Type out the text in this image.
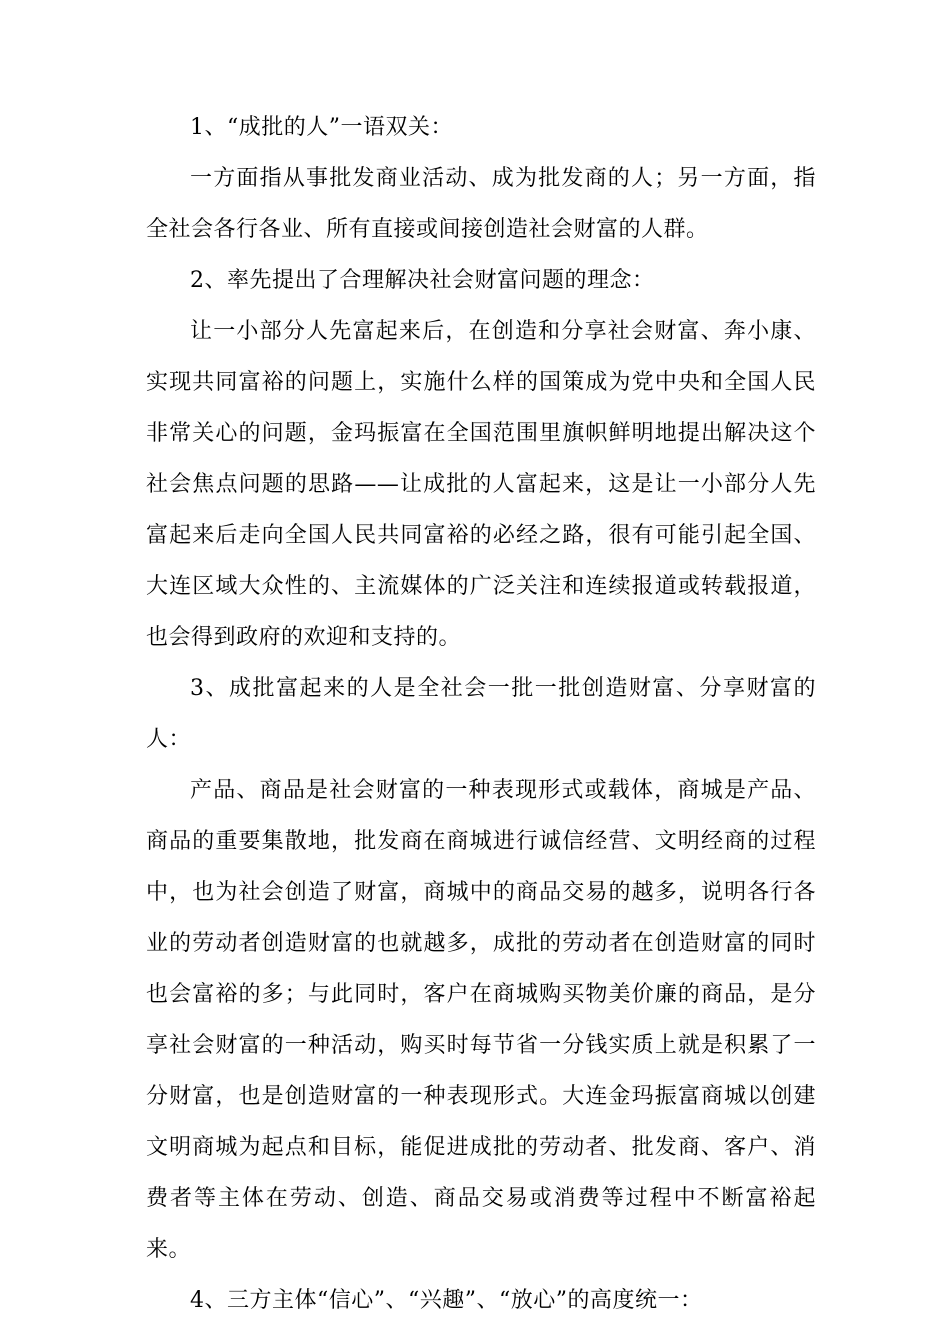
1、“成批的人”一语双关：

一方面指从事批发商业活动、成为批发商的人；另一方面，指全社会各行各业、所有直接或间接创造社会财富的人群。

2、率先提出了合理解决社会财富问题的理念：

让一小部分人先富起来后，在创造和分享社会财富、奔小康、实现共同富裕的问题上，实施什么样的国策成为党中央和全国人民非常关心的问题，金玛振富在全国范围里旗帜鲜明地提出解决这个社会焦点问题的思路——让成批的人富起来，这是让一小部分人先富起来后走向全国人民共同富裕的必经之路，很有可能引起全国、大连区域大众性的、主流媒体的广泛关注和连续报道或转载报道，也会得到政府的欢迎和支持的。

3、成批富起来的人是全社会一批一批创造财富、分享财富的人：

产品、商品是社会财富的一种表现形式或载体，商城是产品、商品的重要集散地，批发商在商城进行诚信经营、文明经商的过程中，也为社会创造了财富，商城中的商品交易的越多，说明各行各业的劳动者创造财富的也就越多，成批的劳动者在创造财富的同时也会富裕的多；与此同时，客户在商城购买物美价廉的商品，是分享社会财富的一种活动，购买时每节省一分钱实质上就是积累了一分财富，也是创造财富的一种表现形式。大连金玛振富商城以创建文明商城为起点和目标，能促进成批的劳动者、批发商、客户、消费者等主体在劳动、创造、商品交易或消费等过程中不断富裕起来。

4、三方主体“信心”、“兴趣”、“放心”的高度统一：
